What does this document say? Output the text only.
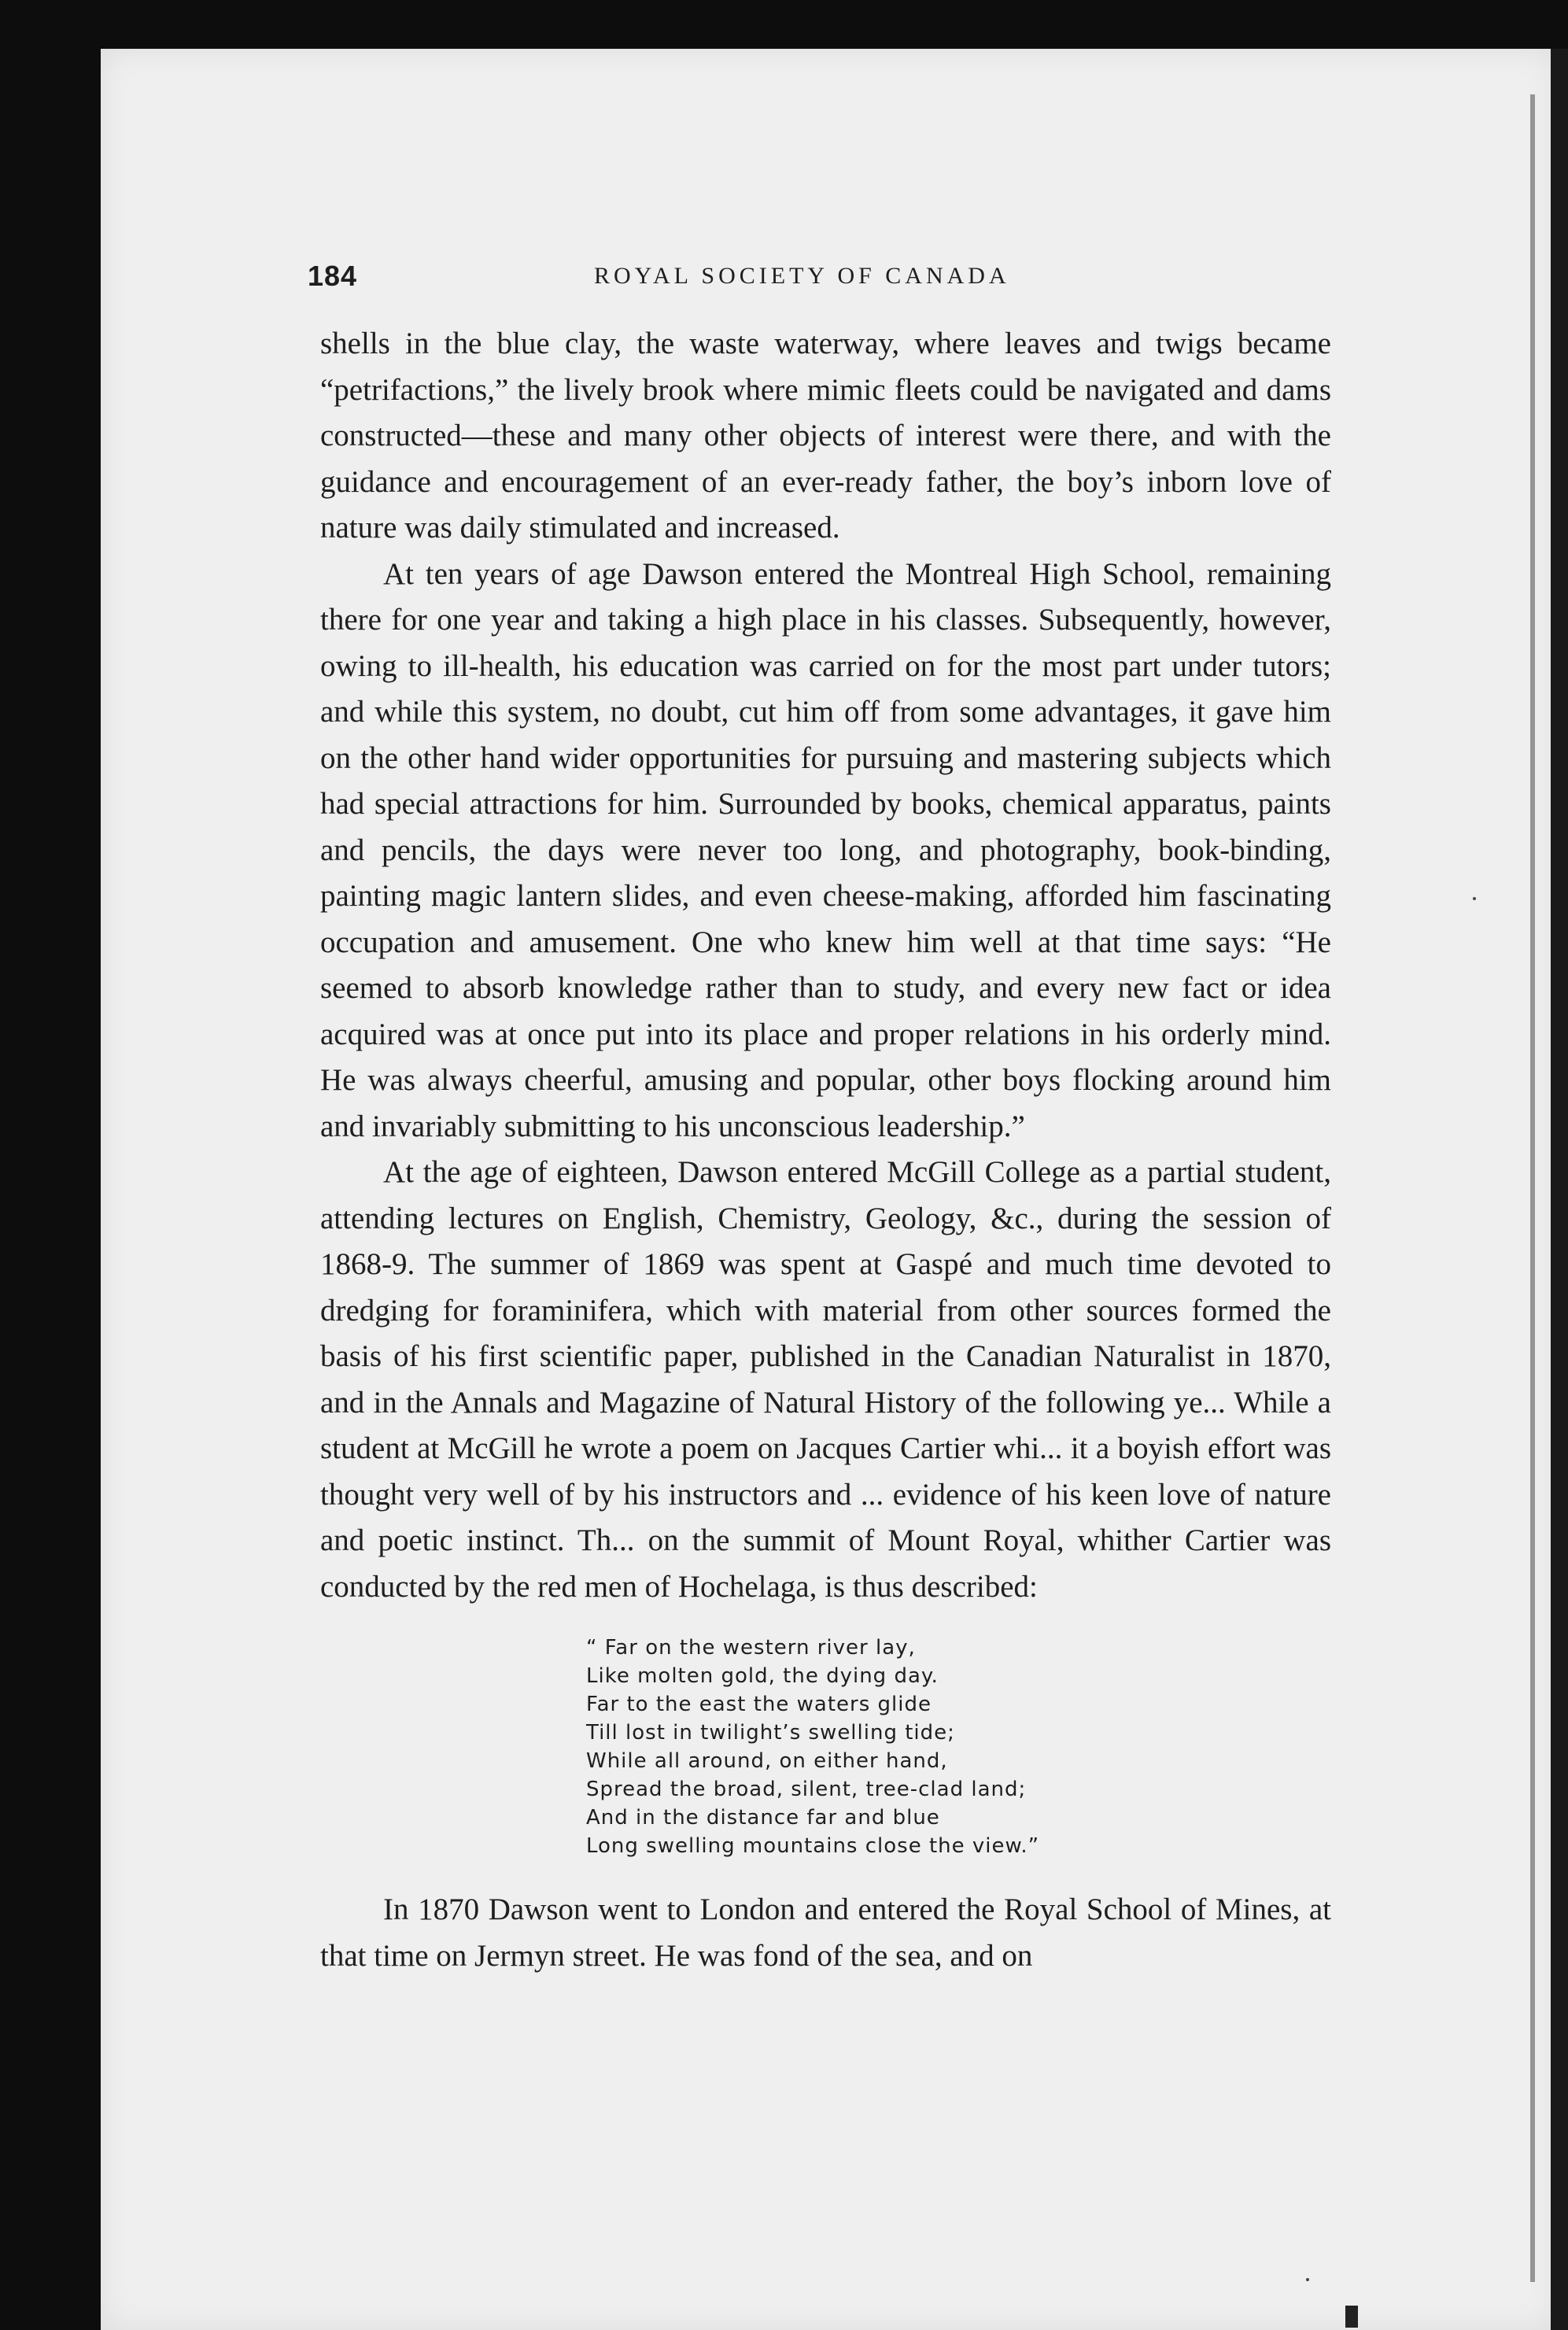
184	ROYAL SOCIETY OF CANADA

shells in the blue clay, the waste waterway, where leaves and twigs became “petrifactions,” the lively brook where mimic fleets could be navigated and dams constructed—these and many other objects of interest were there, and with the guidance and encouragement of an ever-ready father, the boy’s inborn love of nature was daily stimulated and increased.

At ten years of age Dawson entered the Montreal High School, remaining there for one year and taking a high place in his classes. Subsequently, however, owing to ill-health, his education was carried on for the most part under tutors; and while this system, no doubt, cut him off from some advantages, it gave him on the other hand wider opportunities for pursuing and mastering subjects which had special attractions for him. Surrounded by books, chemical apparatus, paints and pencils, the days were never too long, and photography, book-binding, painting magic lantern slides, and even cheese-making, afforded him fascinating occupation and amusement. One who knew him well at that time says: “He seemed to absorb knowledge rather than to study, and every new fact or idea acquired was at once put into its place and proper relations in his orderly mind. He was always cheerful, amusing and popular, other boys flocking around him and invariably submitting to his unconscious leadership.”

At the age of eighteen, Dawson entered McGill College as a partial student, attending lectures on English, Chemistry, Geology, &c., during the session of 1868-9. The summer of 1869 was spent at Gaspé and much time devoted to dredging for foraminifera, which with material from other sources formed the basis of his first scientific paper, published in the Canadian Naturalist in 1870, and in the Annals and Magazine of Natural History of the following ye... While a student at McGill he wrote a poem on Jacques Cartier whi... it a boyish effort was thought very well of by his instructors and ... evidence of his keen love of nature and poetic instinct. Th... on the summit of Mount Royal, whither Cartier was conducted by the red men of Hochelaga, is thus described:

“ Far on the western river lay,
Like molten gold, the dying day.
Far to the east the waters glide
Till lost in twilight’s swelling tide;
While all around, on either hand,
Spread the broad, silent, tree-clad land;
And in the distance far and blue
Long swelling mountains close the view.”

In 1870 Dawson went to London and entered the Royal School of Mines, at that time on Jermyn street. He was fond of the sea, and on
